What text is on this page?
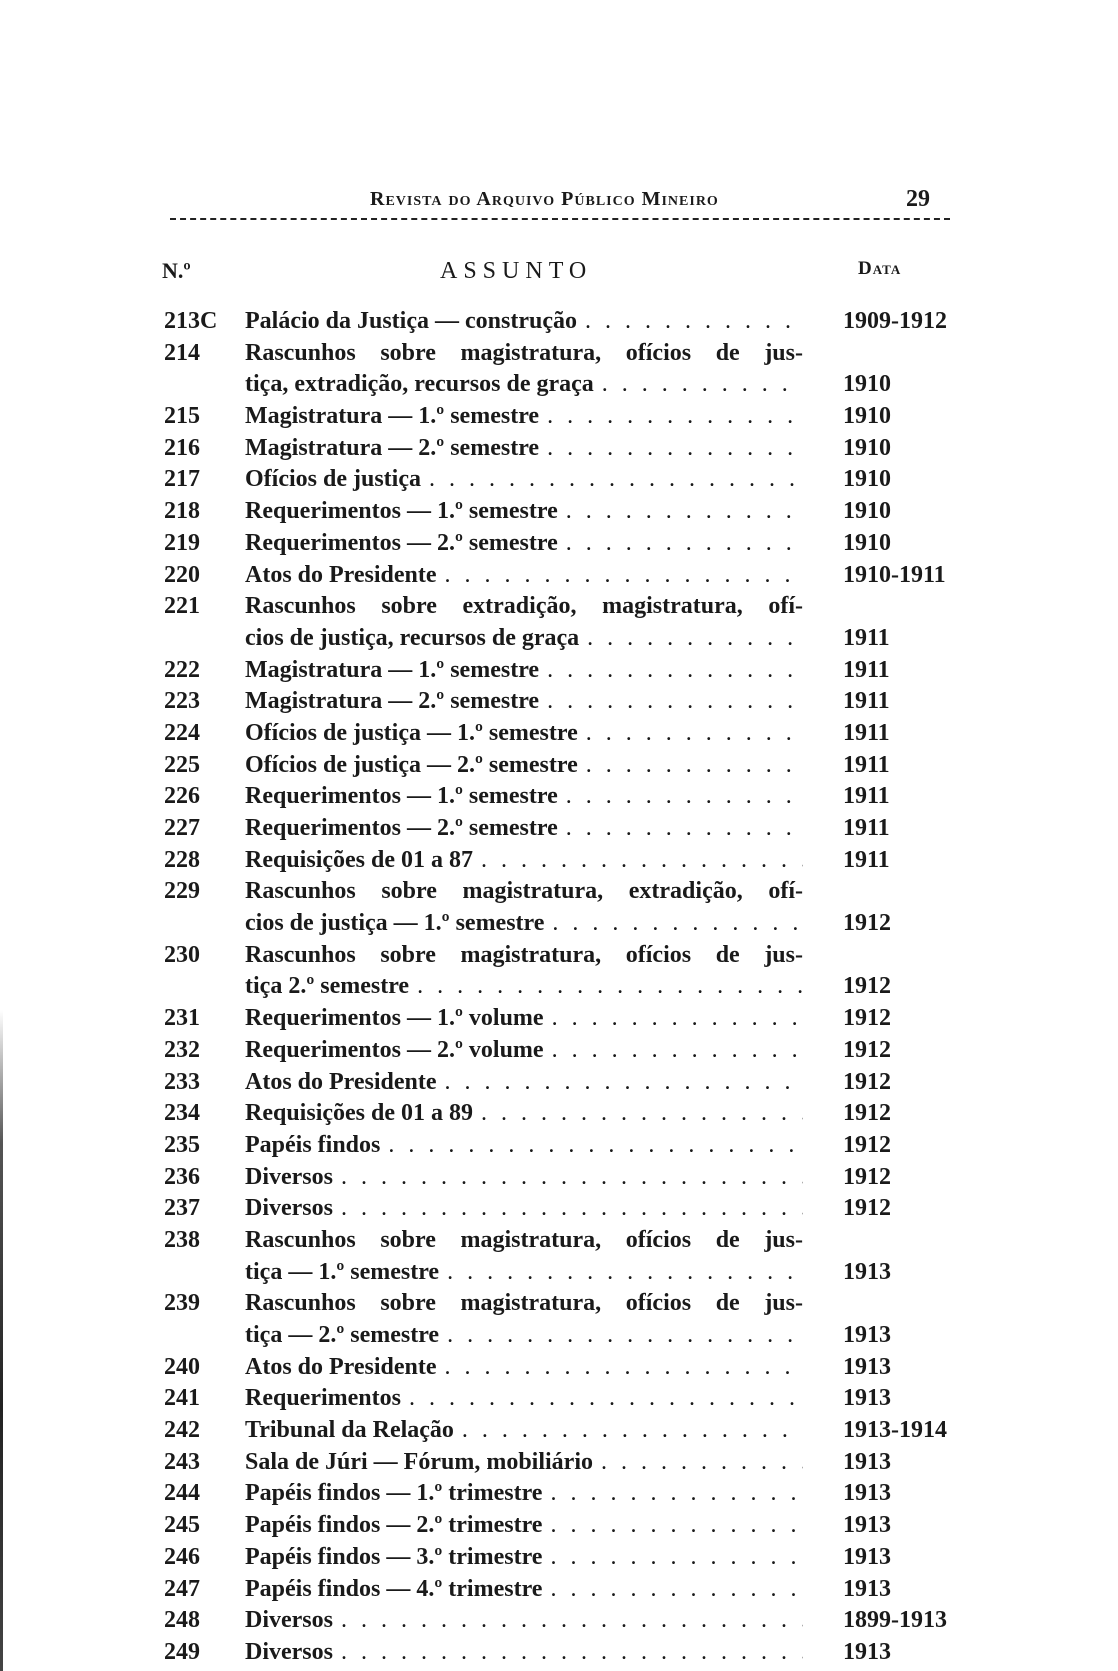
Revista do Arquivo Público Mineiro	29
N.º	ASSUNTO	Data
213C Palácio da Justiça — construção . . .	1909-1912
214 Rascunhos sobre magistratura, ofícios de jus-
tiça, extradição, recursos de graça . . .	1910
215 Magistratura — 1.º semestre . . .	1910
216 Magistratura — 2.º semestre . . .	1910
217 Ofícios de justiça . . .	1910
218 Requerimentos — 1.º semestre . . .	1910
219 Requerimentos — 2.º semestre . . .	1910
220 Atos do Presidente . . .	1910-1911
221 Rascunhos sobre extradição, magistratura, ofí-
cios de justiça, recursos de graça . . .	1911
222 Magistratura — 1.º semestre . . .	1911
223 Magistratura — 2.º semestre . . .	1911
224 Ofícios de justiça — 1.º semestre . . .	1911
225 Ofícios de justiça — 2.º semestre . . .	1911
226 Requerimentos — 1.º semestre . . .	1911
227 Requerimentos — 2.º semestre . . .	1911
228 Requisições de 01 a 87 . . .	1911
229 Rascunhos sobre magistratura, extradição, ofí-
cios de justiça — 1.º semestre . . .	1912
230 Rascunhos sobre magistratura, ofícios de jus-
tiça 2.º semestre . . .	1912
231 Requerimentos — 1.º volume . . .	1912
232 Requerimentos — 2.º volume . . .	1912
233 Atos do Presidente . . .	1912
234 Requisições de 01 a 89 . . .	1912
235 Papéis findos . . .	1912
236 Diversos . . .	1912
237 Diversos . . .	1912
238 Rascunhos sobre magistratura, ofícios de jus-
tiça — 1.º semestre . . .	1913
239 Rascunhos sobre magistratura, ofícios de jus-
tiça — 2.º semestre . . .	1913
240 Atos do Presidente . . .	1913
241 Requerimentos . . .	1913
242 Tribunal da Relação . . .	1913-1914
243 Sala de Júri — Fórum, mobiliário . . .	1913
244 Papéis findos — 1.º trimestre . . .	1913
245 Papéis findos — 2.º trimestre . . .	1913
246 Papéis findos — 3.º trimestre . . .	1913
247 Papéis findos — 4.º trimestre . . .	1913
248 Diversos . . .	1899-1913
249 Diversos . . .	1913
